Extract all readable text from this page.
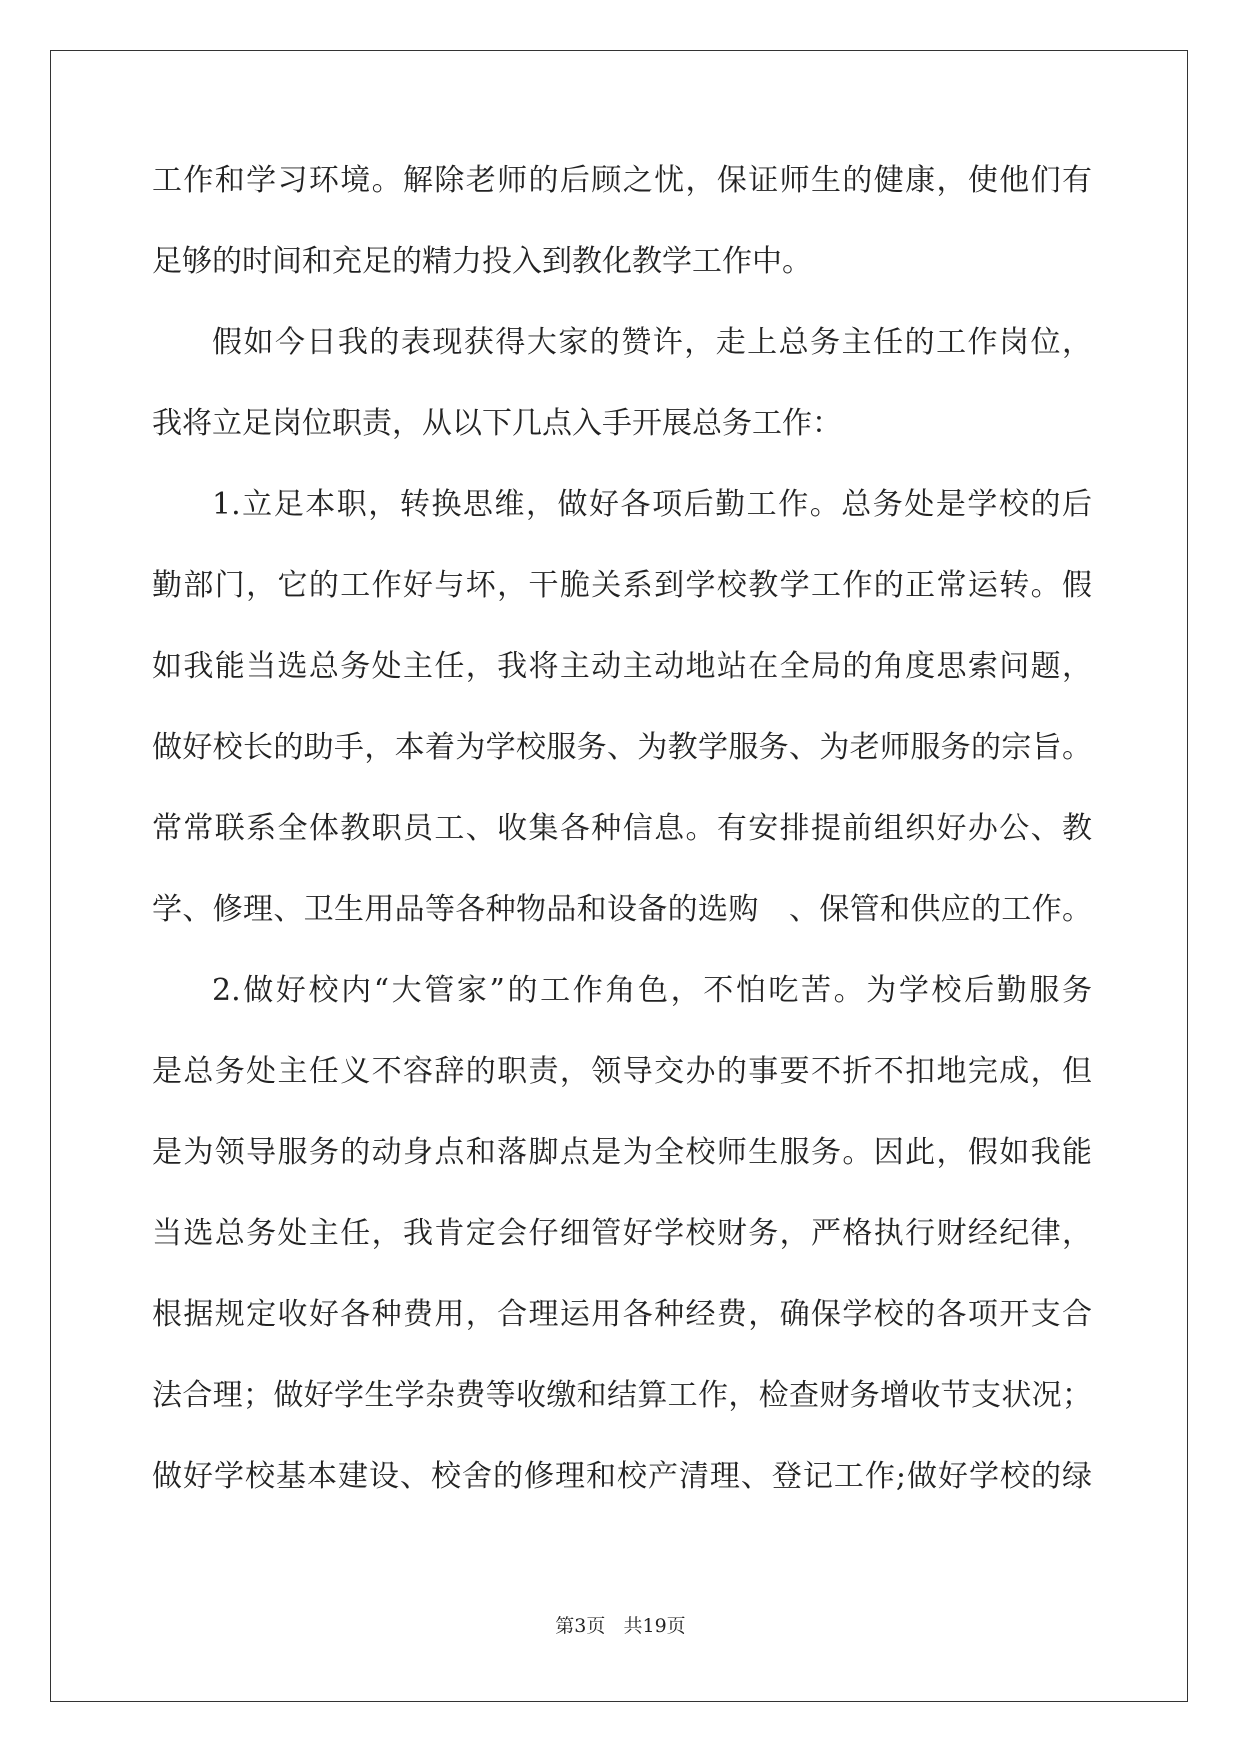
工作和学习环境。解除老师的后顾之忧，保证师生的健康，使他们有
足够的时间和充足的精力投入到教化教学工作中。
假如今日我的表现获得大家的赞许，走上总务主任的工作岗位，
我将立足岗位职责，从以下几点入手开展总务工作：
1.立足本职，转换思维，做好各项后勤工作。总务处是学校的后
勤部门，它的工作好与坏，干脆关系到学校教学工作的正常运转。假
如我能当选总务处主任，我将主动主动地站在全局的角度思索问题，
做好校长的助手，本着为学校服务、为教学服务、为老师服务的宗旨。
常常联系全体教职员工、收集各种信息。有安排提前组织好办公、教
学、修理、卫生用品等各种物品和设备的选购　、保管和供应的工作。
2.做好校内“大管家”的工作角色，不怕吃苦。为学校后勤服务
是总务处主任义不容辞的职责，领导交办的事要不折不扣地完成，但
是为领导服务的动身点和落脚点是为全校师生服务。因此，假如我能
当选总务处主任，我肯定会仔细管好学校财务，严格执行财经纪律，
根据规定收好各种费用，合理运用各种经费，确保学校的各项开支合
法合理；做好学生学杂费等收缴和结算工作，检查财务增收节支状况；
做好学校基本建设、校舍的修理和校产清理、登记工作;做好学校的绿
第3页   共19页
